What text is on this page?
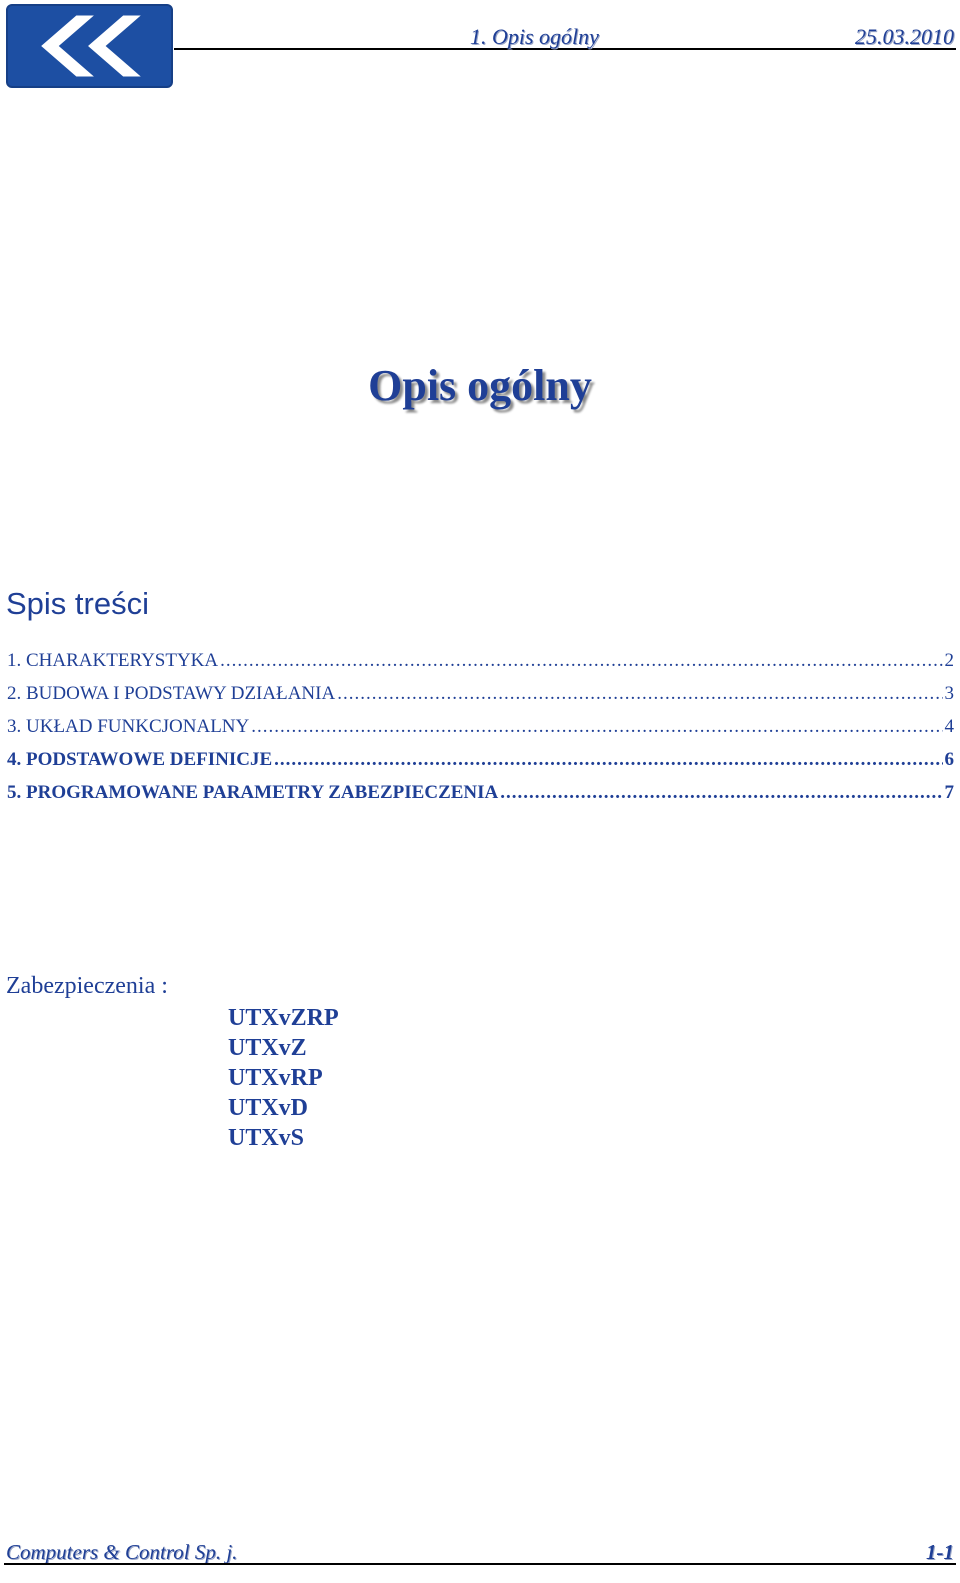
1. Opis ogólny	25.03.2010
Opis ogólny
Spis treści
1. CHARAKTERYSTYKA .....	2
2. BUDOWA I PODSTAWY DZIAŁANIA .....	3
3. UKŁAD FUNKCJONALNY .....	4
4. PODSTAWOWE DEFINICJE .....	6
5. PROGRAMOWANE PARAMETRY ZABEZPIECZENIA .....	7
Zabezpieczenia :
UTXvZRP
UTXvZ
UTXvRP
UTXvD
UTXvS
Computers & Control Sp. j.	1-1
